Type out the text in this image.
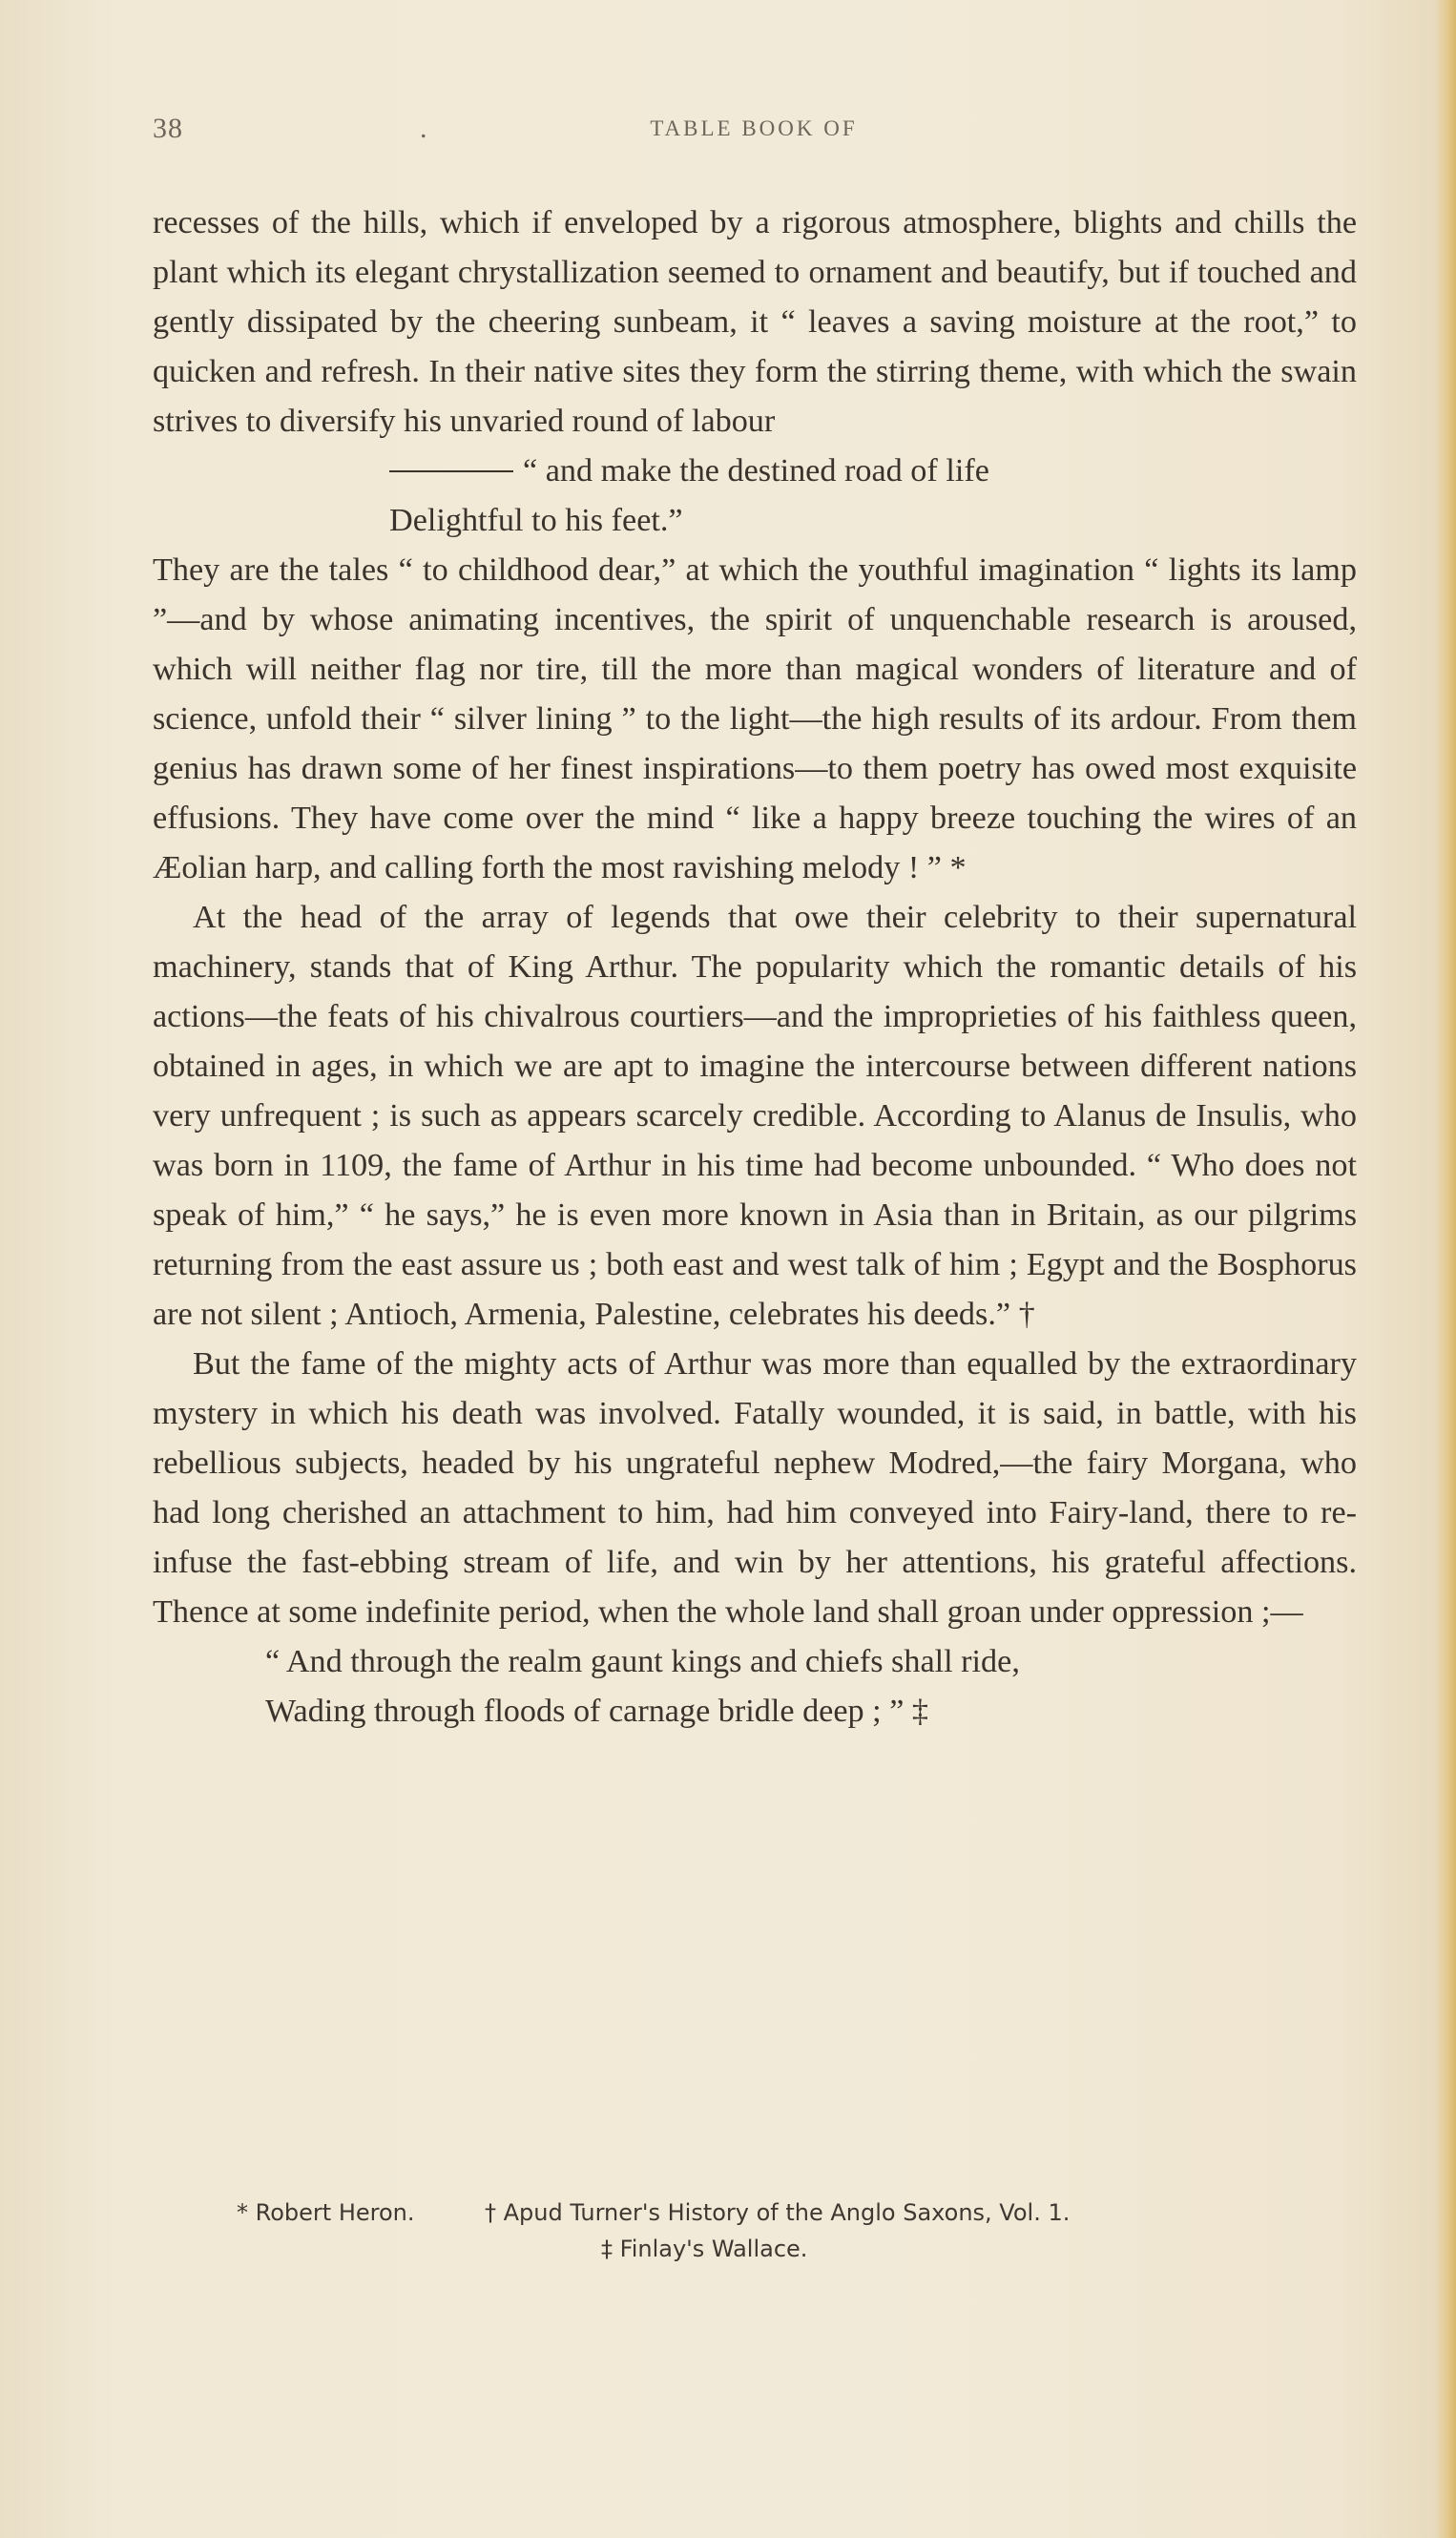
38	.	TABLE BOOK OF

recesses of the hills, which if enveloped by a rigorous atmosphere, blights and chills the plant which its elegant chrystallization seemed to ornament and beautify, but if touched and gently dissipated by the cheering sunbeam, it “ leaves a saving moisture at the root,” to quicken and refresh. In their native sites they form the stirring theme, with which the swain strives to diversify his unvaried round of labour

“ and make the destined road of life

Delightful to his feet.”

They are the tales “ to childhood dear,” at which the youthful imagination “ lights its lamp ”—and by whose animating incentives, the spirit of unquenchable research is aroused, which will neither flag nor tire, till the more than magical wonders of literature and of science, unfold their “ silver lining ” to the light—the high results of its ardour. From them genius has drawn some of her finest inspirations—to them poetry has owed most exquisite effusions. They have come over the mind “ like a happy breeze touching the wires of an Æolian harp, and calling forth the most ravishing melody ! ” *

At the head of the array of legends that owe their celebrity to their supernatural machinery, stands that of King Arthur. The popularity which the romantic details of his actions—the feats of his chivalrous courtiers—and the improprieties of his faithless queen, obtained in ages, in which we are apt to imagine the intercourse between different nations very unfrequent ; is such as appears scarcely credible. According to Alanus de Insulis, who was born in 1109, the fame of Arthur in his time had become unbounded. “ Who does not speak of him,” “ he says,” he is even more known in Asia than in Britain, as our pilgrims returning from the east assure us ; both east and west talk of him ; Egypt and the Bosphorus are not silent ; Antioch, Armenia, Palestine, celebrates his deeds.” †

But the fame of the mighty acts of Arthur was more than equalled by the extraordinary mystery in which his death was involved. Fatally wounded, it is said, in battle, with his rebellious subjects, headed by his ungrateful nephew Modred,—the fairy Morgana, who had long cherished an attachment to him, had him conveyed into Fairy-land, there to re-infuse the fast-ebbing stream of life, and win by her attentions, his grateful affections. Thence at some indefinite period, when the whole land shall groan under oppression ;—

“ And through the realm gaunt kings and chiefs shall ride,

Wading through floods of carnage bridle deep ; ” ‡

* Robert Heron.	† Apud Turner's History of the Anglo Saxons, Vol. 1.
‡ Finlay's Wallace.
